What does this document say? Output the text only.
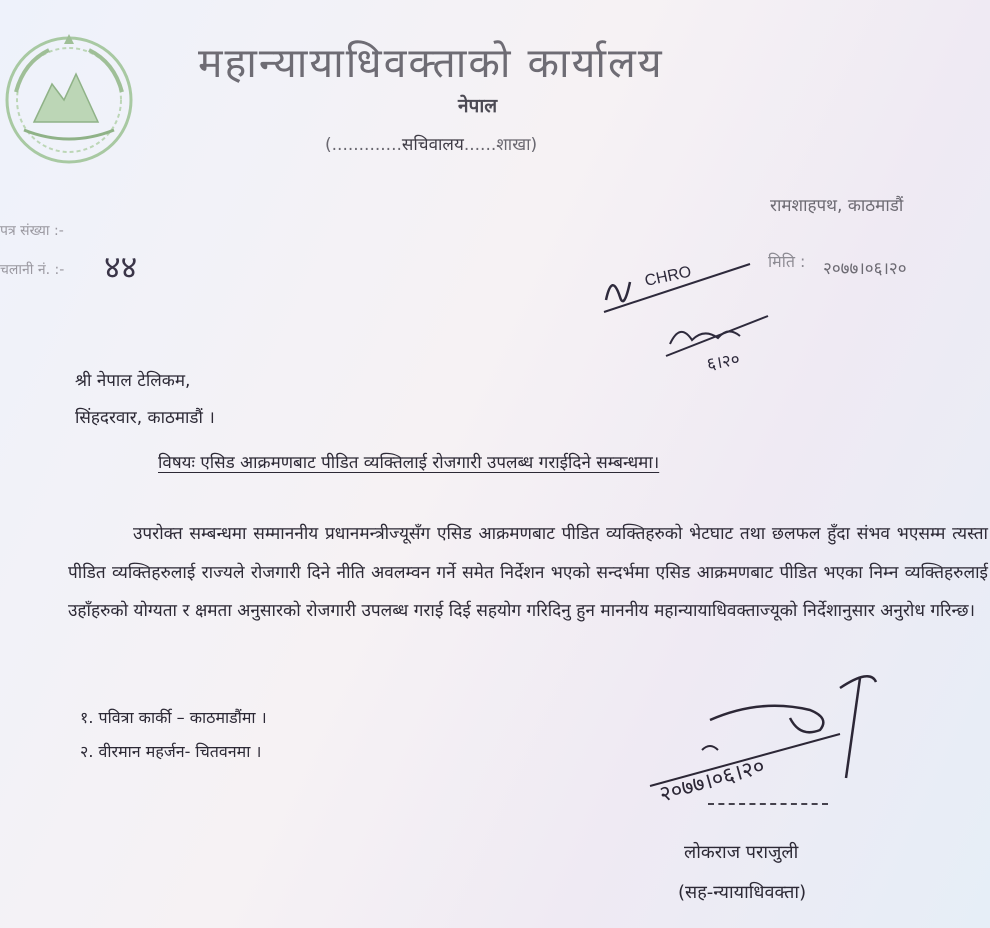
महान्यायाधिवक्ताको कार्यालय
नेपाल
(.............सचिवालय......शाखा)
रामशाहपथ, काठमाडौं
पत्र संख्या :-
चलानी नं. :- ४४	मिति : २०७७।०६।२०
CHRO
६।२०
श्री नेपाल टेलिकम,
सिंहदरवार, काठमाडौं ।
विषयः एसिड आक्रमणबाट पीडित व्यक्तिलाई रोजगारी उपलब्ध गराईदिने सम्बन्धमा।
उपरोक्त सम्बन्धमा सम्माननीय प्रधानमन्त्रीज्यूसँग एसिड आक्रमणबाट पीडित व्यक्तिहरुको भेटघाट तथा छलफल हुँदा संभव भएसम्म त्यस्ता पीडित व्यक्तिहरुलाई राज्यले रोजगारी दिने नीति अवलम्वन गर्ने समेत निर्देशन भएको सन्दर्भमा एसिड आक्रमणबाट पीडित भएका निम्न व्यक्तिहरुलाई उहाँहरुको योग्यता र क्षमता अनुसारको रोजगारी उपलब्ध गराई दिई सहयोग गरिदिनु हुन माननीय महान्यायाधिवक्ताज्यूको निर्देशानुसार अनुरोध गरिन्छ।
१. पवित्रा कार्की – काठमाडौंमा ।
२. वीरमान महर्जन- चितवनमा ।
२०७७।०६।२०
लोकराज पराजुली
(सह-न्यायाधिवक्ता)
